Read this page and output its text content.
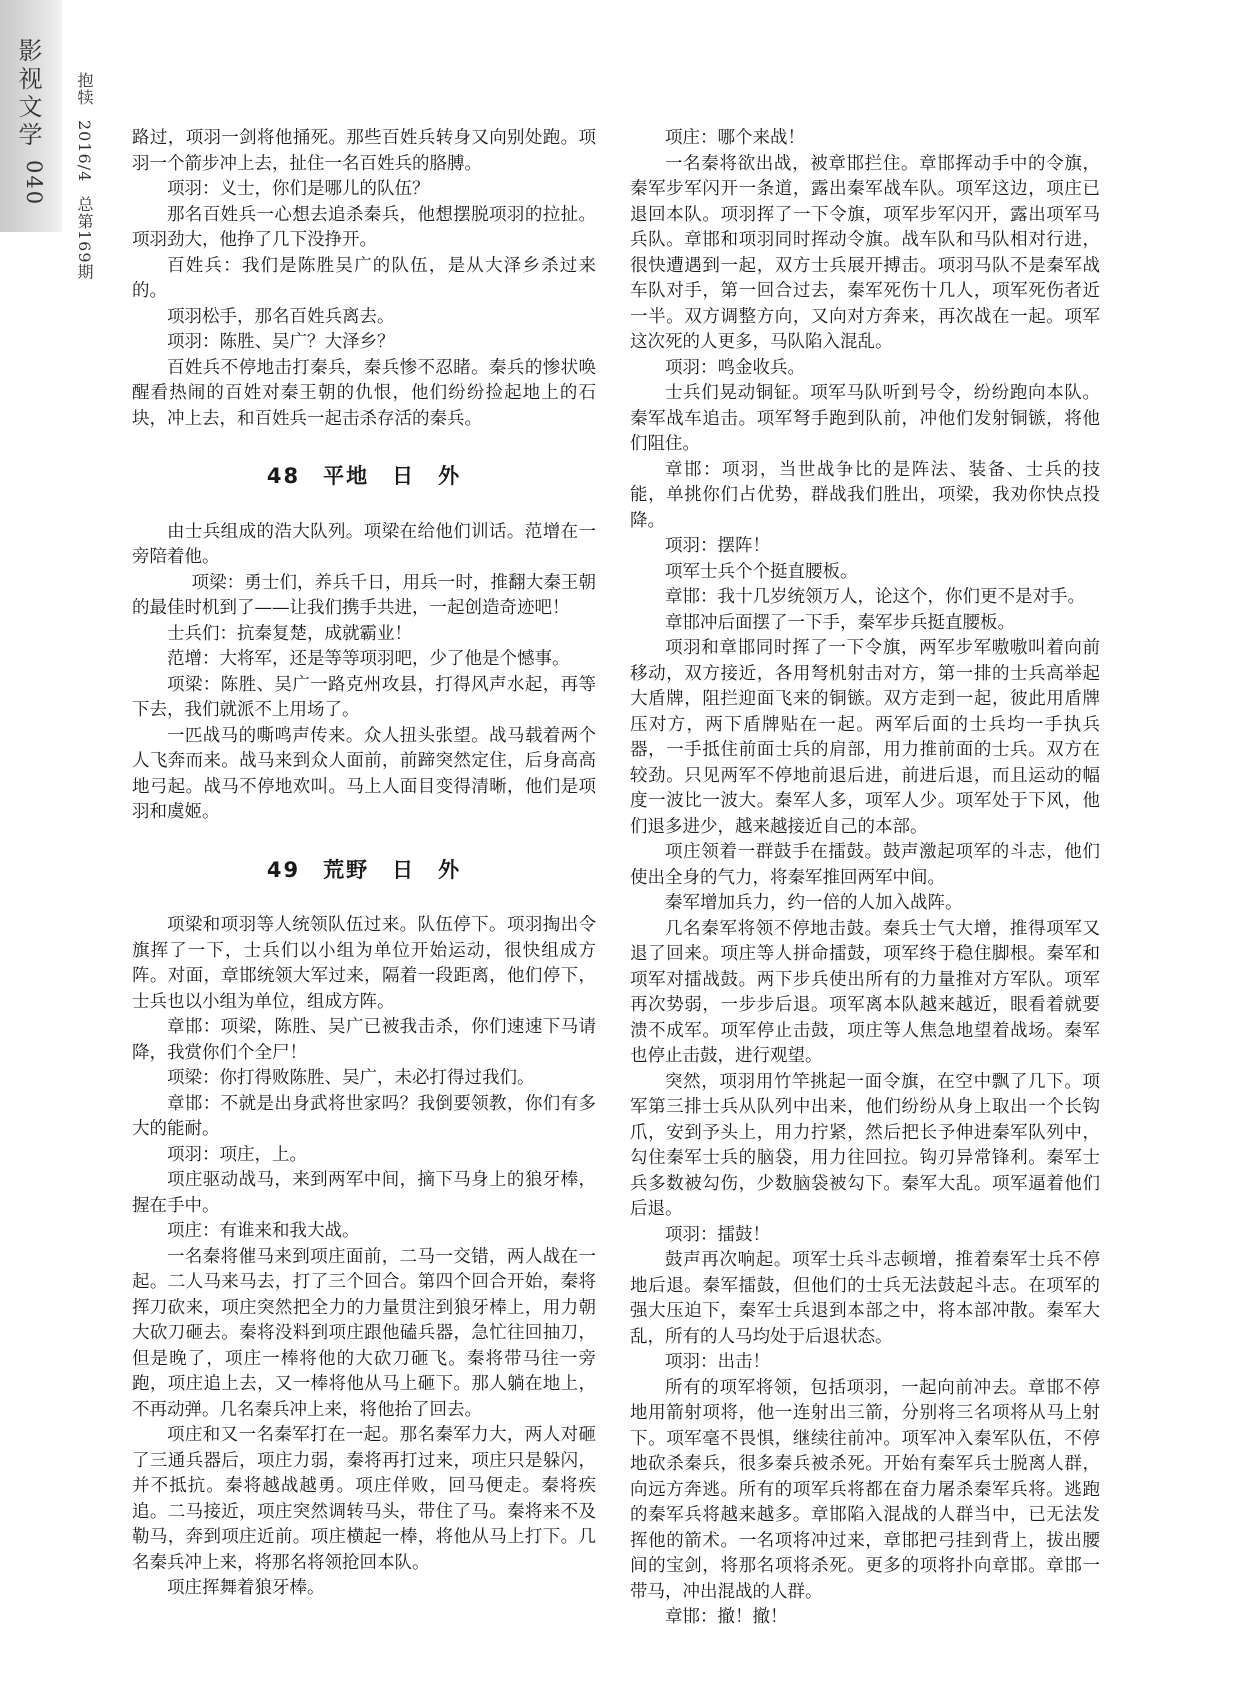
影视文学
040
抱犊2016/4总第169期

路过，项羽一剑将他捅死。那些百姓兵转身又向别处跑。项羽一个箭步冲上去，扯住一名百姓兵的胳膊。

项羽：义士，你们是哪儿的队伍？

那名百姓兵一心想去追杀秦兵，他想摆脱项羽的拉扯。项羽劲大，他挣了几下没挣开。

百姓兵：我们是陈胜吴广的队伍，是从大泽乡杀过来的。

项羽松手，那名百姓兵离去。

项羽：陈胜、吴广？大泽乡？

百姓兵不停地击打秦兵，秦兵惨不忍睹。秦兵的惨状唤醒看热闹的百姓对秦王朝的仇恨，他们纷纷捡起地上的石块，冲上去，和百姓兵一起击杀存活的秦兵。

48　平地　日　外

由士兵组成的浩大队列。项梁在给他们训话。范增在一旁陪着他。

项梁：勇士们，养兵千日，用兵一时，推翻大秦王朝的最佳时机到了——让我们携手共进，一起创造奇迹吧！

士兵们：抗秦复楚，成就霸业！

范增：大将军，还是等等项羽吧，少了他是个憾事。

项梁：陈胜、吴广一路克州攻县，打得风声水起，再等下去，我们就派不上用场了。

一匹战马的嘶鸣声传来。众人扭头张望。战马载着两个人飞奔而来。战马来到众人面前，前蹄突然定住，后身高高地弓起。战马不停地欢叫。马上人面目变得清晰，他们是项羽和虞姬。

49　荒野　日　外

项梁和项羽等人统领队伍过来。队伍停下。项羽掏出令旗挥了一下，士兵们以小组为单位开始运动，很快组成方阵。对面，章邯统领大军过来，隔着一段距离，他们停下，士兵也以小组为单位，组成方阵。

章邯：项梁，陈胜、吴广已被我击杀，你们速速下马请降，我赏你们个全尸！

项梁：你打得败陈胜、吴广，未必打得过我们。

章邯：不就是出身武将世家吗？我倒要领教，你们有多大的能耐。

项羽：项庄，上。

项庄驱动战马，来到两军中间，摘下马身上的狼牙棒，握在手中。

项庄：有谁来和我大战。

一名秦将催马来到项庄面前，二马一交错，两人战在一起。二人马来马去，打了三个回合。第四个回合开始，秦将挥刀砍来，项庄突然把全力的力量贯注到狼牙棒上，用力朝大砍刀砸去。秦将没料到项庄跟他磕兵器，急忙往回抽刀，但是晚了，项庄一棒将他的大砍刀砸飞。秦将带马往一旁跑，项庄追上去，又一棒将他从马上砸下。那人躺在地上，不再动弹。几名秦兵冲上来，将他抬了回去。

项庄和又一名秦军打在一起。那名秦军力大，两人对砸了三通兵器后，项庄力弱，秦将再打过来，项庄只是躲闪，并不抵抗。秦将越战越勇。项庄佯败，回马便走。秦将疾追。二马接近，项庄突然调转马头，带住了马。秦将来不及勒马，奔到项庄近前。项庄横起一棒，将他从马上打下。几名秦兵冲上来，将那名将领抢回本队。

项庄挥舞着狼牙棒。

项庄：哪个来战！

一名秦将欲出战，被章邯拦住。章邯挥动手中的令旗，秦军步军闪开一条道，露出秦军战车队。项军这边，项庄已退回本队。项羽挥了一下令旗，项军步军闪开，露出项军马兵队。章邯和项羽同时挥动令旗。战车队和马队相对行进，很快遭遇到一起，双方士兵展开搏击。项羽马队不是秦军战车队对手，第一回合过去，秦军死伤十几人，项军死伤者近一半。双方调整方向，又向对方奔来，再次战在一起。项军这次死的人更多，马队陷入混乱。

项羽：鸣金收兵。

士兵们晃动铜钲。项军马队听到号令，纷纷跑向本队。秦军战车追击。项军弩手跑到队前，冲他们发射铜镞，将他们阻住。

章邯：项羽，当世战争比的是阵法、装备、士兵的技能，单挑你们占优势，群战我们胜出，项梁，我劝你快点投降。

项羽：摆阵！

项军士兵个个挺直腰板。

章邯：我十几岁统领万人，论这个，你们更不是对手。

章邯冲后面摆了一下手，秦军步兵挺直腰板。

项羽和章邯同时挥了一下令旗，两军步军嗷嗷叫着向前移动，双方接近，各用弩机射击对方，第一排的士兵高举起大盾牌，阻拦迎面飞来的铜镞。双方走到一起，彼此用盾牌压对方，两下盾牌贴在一起。两军后面的士兵均一手执兵器，一手抵住前面士兵的肩部，用力推前面的士兵。双方在较劲。只见两军不停地前退后进，前进后退，而且运动的幅度一波比一波大。秦军人多，项军人少。项军处于下风，他们退多进少，越来越接近自己的本部。

项庄领着一群鼓手在擂鼓。鼓声激起项军的斗志，他们使出全身的气力，将秦军推回两军中间。

秦军增加兵力，约一倍的人加入战阵。

几名秦军将领不停地击鼓。秦兵士气大增，推得项军又退了回来。项庄等人拼命擂鼓，项军终于稳住脚根。秦军和项军对擂战鼓。两下步兵使出所有的力量推对方军队。项军再次势弱，一步步后退。项军离本队越来越近，眼看着就要溃不成军。项军停止击鼓，项庄等人焦急地望着战场。秦军也停止击鼓，进行观望。

突然，项羽用竹竿挑起一面令旗，在空中飘了几下。项军第三排士兵从队列中出来，他们纷纷从身上取出一个长钩爪，安到予头上，用力拧紧，然后把长予伸进秦军队列中，勾住秦军士兵的脑袋，用力往回拉。钩刃异常锋利。秦军士兵多数被勾伤，少数脑袋被勾下。秦军大乱。项军逼着他们后退。

项羽：擂鼓！

鼓声再次响起。项军士兵斗志顿增，推着秦军士兵不停地后退。秦军擂鼓，但他们的士兵无法鼓起斗志。在项军的强大压迫下，秦军士兵退到本部之中，将本部冲散。秦军大乱，所有的人马均处于后退状态。

项羽：出击！

所有的项军将领，包括项羽，一起向前冲去。章邯不停地用箭射项将，他一连射出三箭，分别将三名项将从马上射下。项军毫不畏惧，继续往前冲。项军冲入秦军队伍，不停地砍杀秦兵，很多秦兵被杀死。开始有秦军兵士脱离人群，向远方奔逃。所有的项军兵将都在奋力屠杀秦军兵将。逃跑的秦军兵将越来越多。章邯陷入混战的人群当中，已无法发挥他的箭术。一名项将冲过来，章邯把弓挂到背上，拔出腰间的宝剑，将那名项将杀死。更多的项将扑向章邯。章邯一带马，冲出混战的人群。

章邯：撤！撤！
